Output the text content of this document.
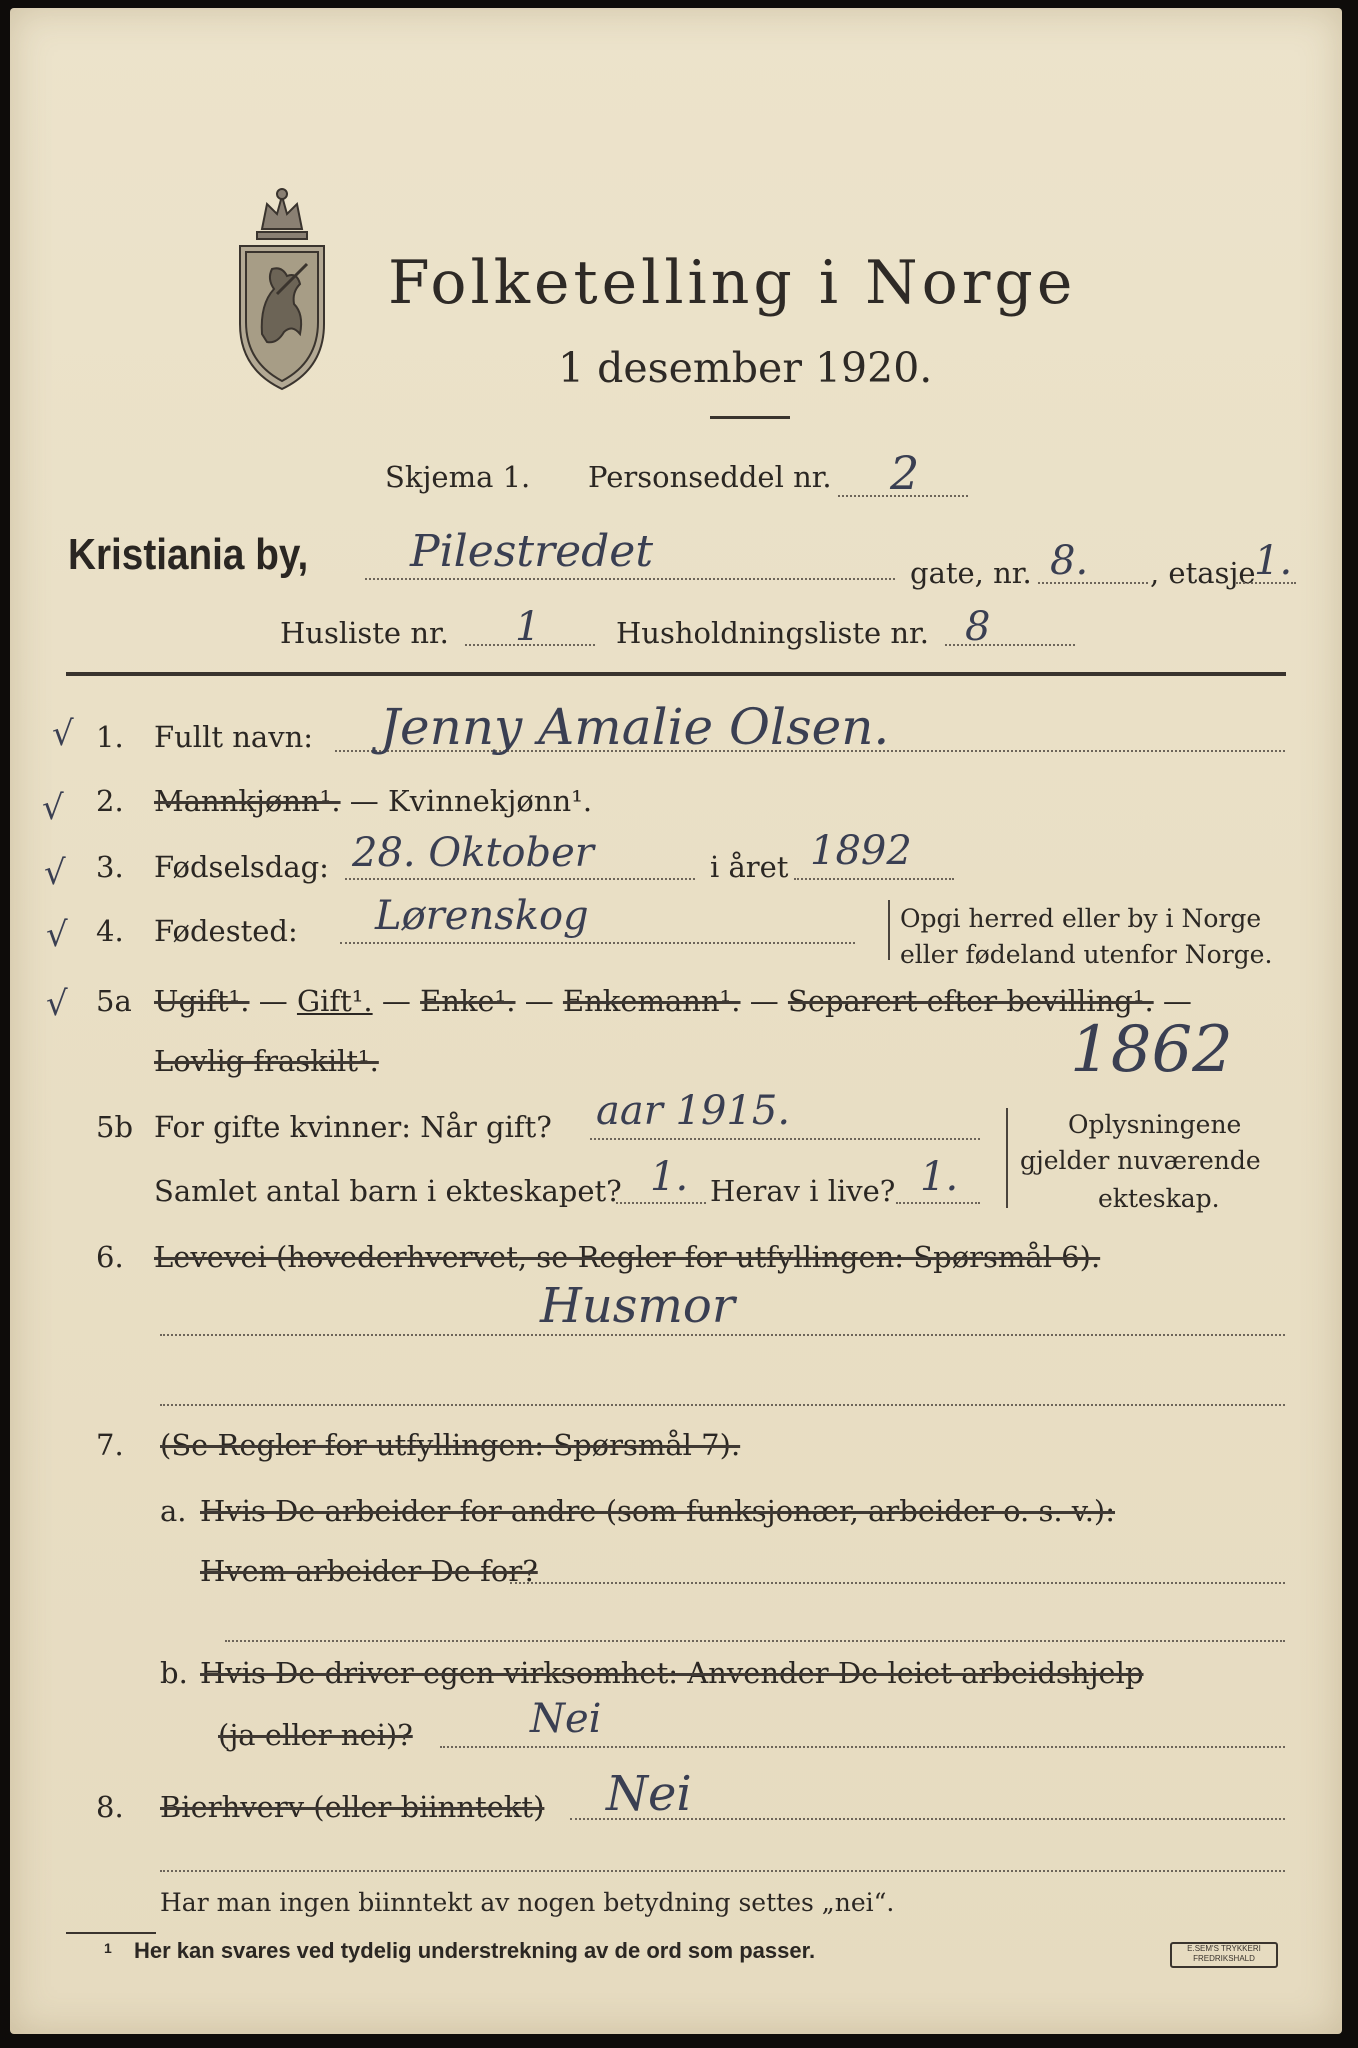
Folketelling i Norge
1 desember 1920.
Skjema 1. Personseddel nr. 2
Kristiania by, Pilestredet	gate, nr. 8. , etasje
1.
Husliste nr. 1	Husholdningsliste nr. 8
√
√
√
√
√
1. Fullt navn: Jenny Amalie Olsen.
2. Mannkjønn¹. — Kvinnekjønn¹.
3. Fødselsdag: 28. Oktober	i året 1892
4. Fødested: Lørenskog	Opgi herred eller by i Norge
eller fødeland utenfor Norge.
5a Ugift¹. — Gift¹. — Enke¹. — Enkemann¹. — Separert efter bevilling¹. —
Lovlig fraskilt¹.	1862
5b For gifte kvinner: Når gift? aar 1915.
Samlet antal barn i ekteskapet? 1. Herav i live? 1.
Oplysningene
gjelder nuværende
ekteskap.
6. Levevei (hovederhvervet, se Regler for utfyllingen: Spørsmål 6).
Husmor
7. (Se Regler for utfyllingen: Spørsmål 7).
a. Hvis De arbeider for andre (som funksjonær, arbeider o. s. v.):
Hvem arbeider De for?
b. Hvis De driver egen virksomhet: Anvender De leiet arbeidshjelp
(ja eller nei)?	Nei
8. Bierhverv (eller biinntekt) Nei
Har man ingen biinntekt av nogen betydning settes „nei“.
1 Her kan svares ved tydelig understrekning av de ord som passer.	E.SEM'S TRYKKERI
FREDRIKSHALD
